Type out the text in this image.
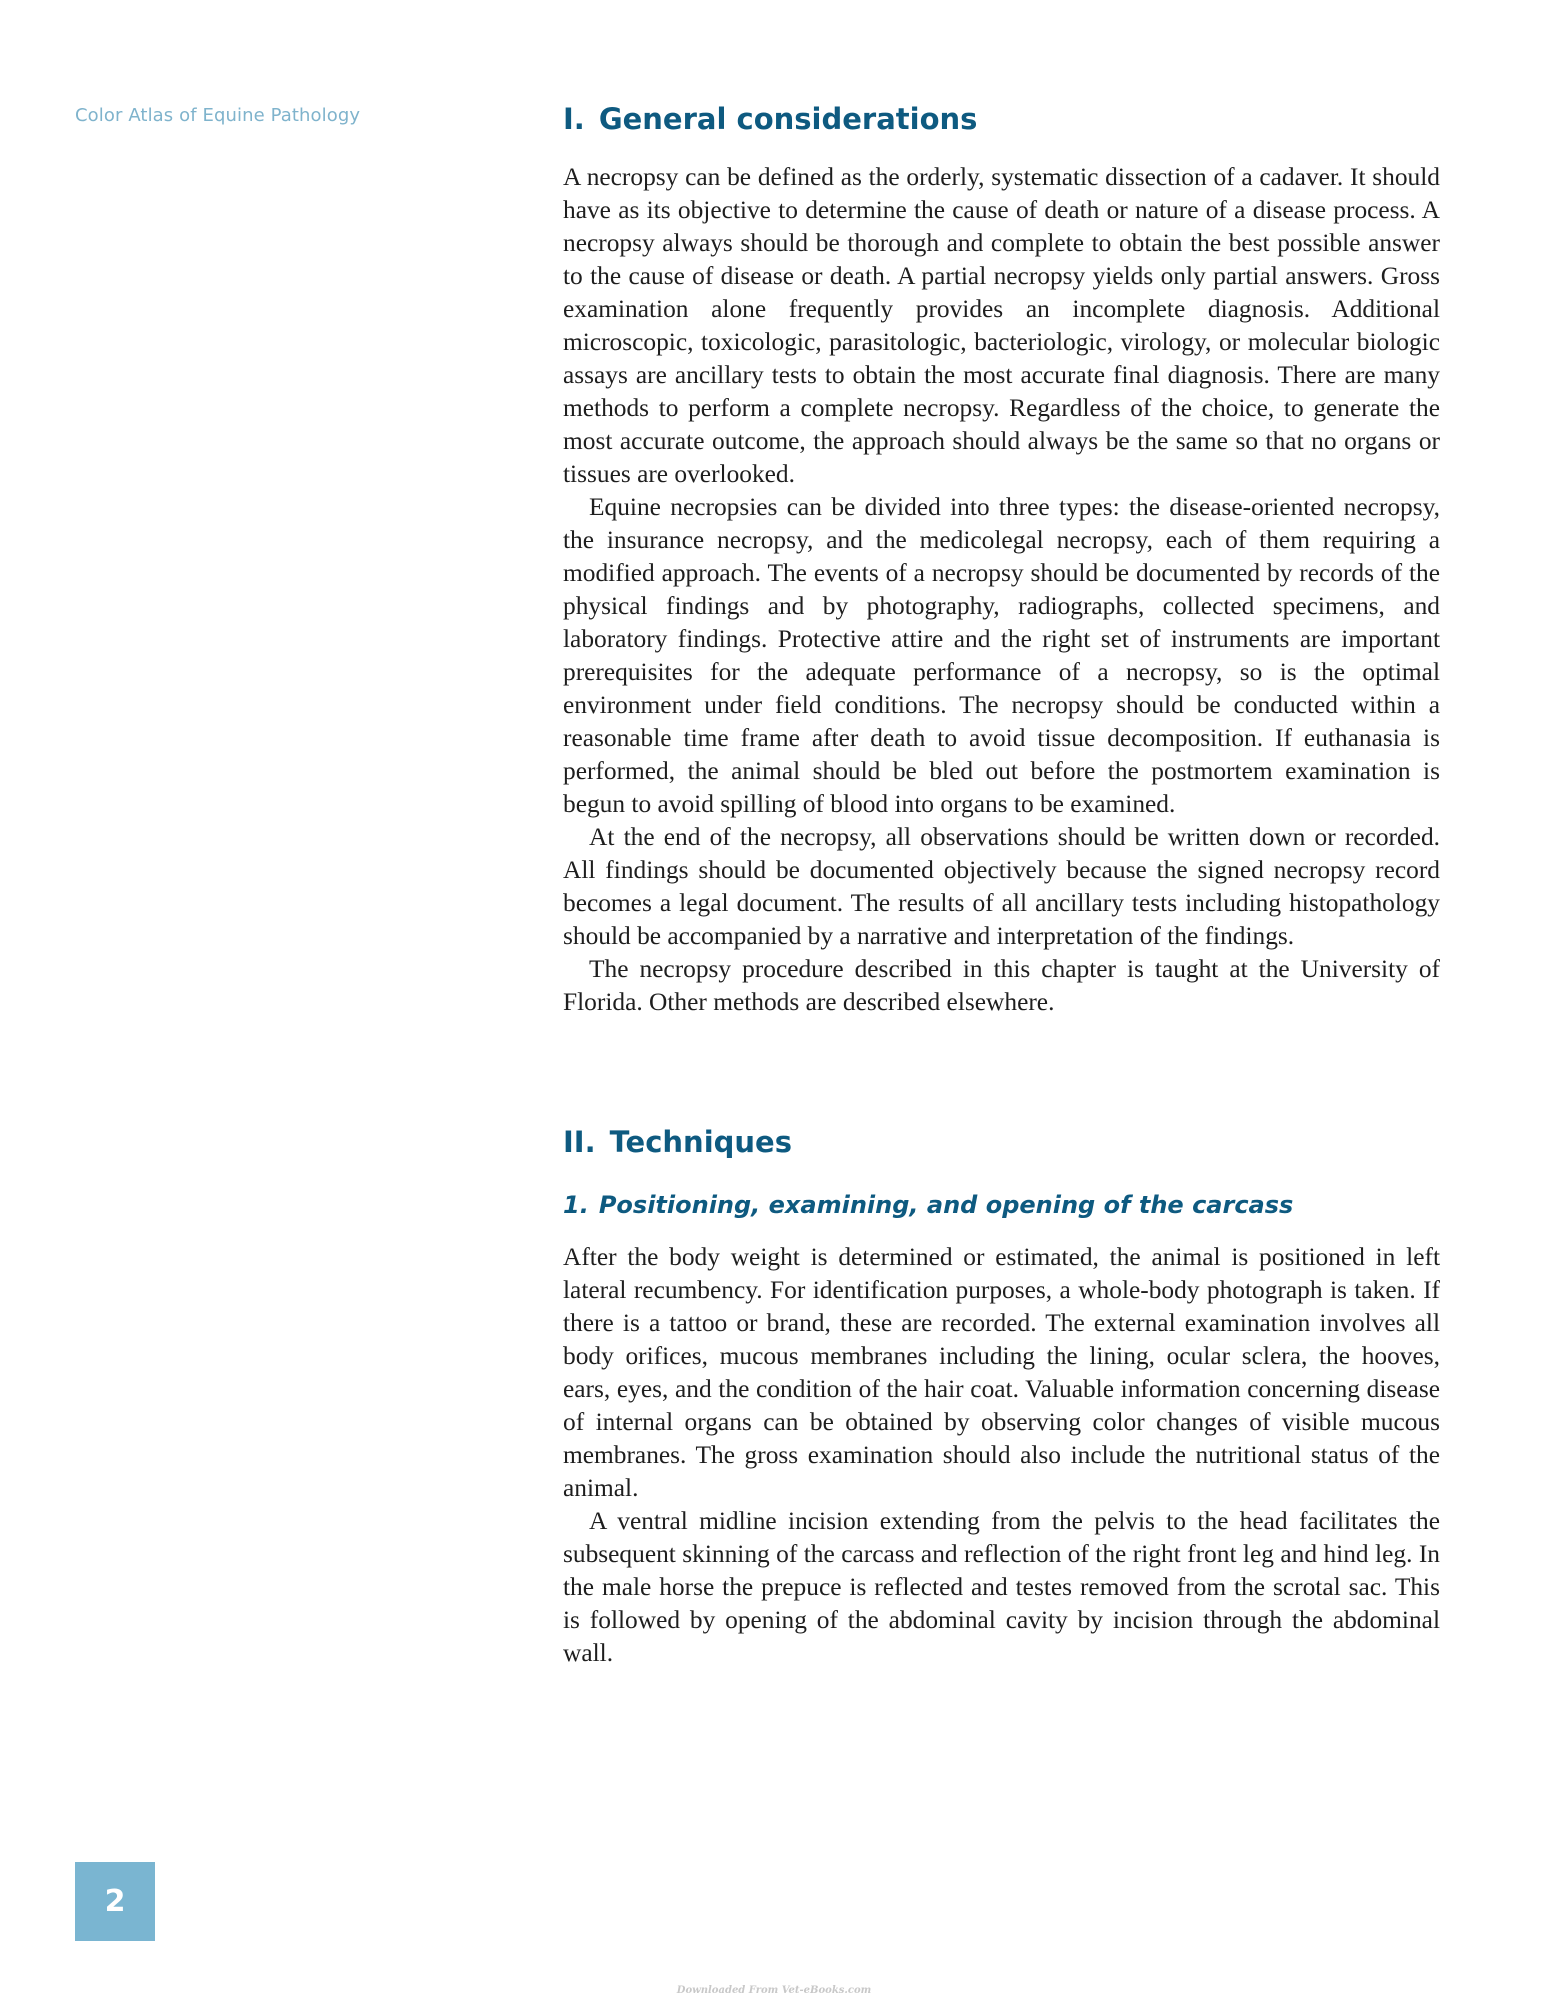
Color Atlas of Equine Pathology	I. General considerations

A necropsy can be defined as the orderly, systematic dissection of a cadaver. It should have as its objective to determine the cause of death or nature of a disease process. A necropsy always should be thorough and complete to obtain the best possible answer to the cause of disease or death. A partial necropsy yields only partial answers. Gross examination alone frequently provides an incomplete diagnosis. Additional microscopic, toxicologic, parasitologic, bacteriologic, virology, or molecular biologic assays are ancillary tests to obtain the most accurate final diagnosis. There are many methods to perform a complete necropsy. Regardless of the choice, to generate the most accurate outcome, the approach should always be the same so that no organs or tissues are overlooked.

Equine necropsies can be divided into three types: the disease-oriented necropsy, the insurance necropsy, and the medicolegal necropsy, each of them requiring a modified approach. The events of a necropsy should be documented by records of the physical findings and by photography, radiographs, collected specimens, and laboratory findings. Protective attire and the right set of instruments are important prerequisites for the adequate performance of a necropsy, so is the optimal environment under field conditions. The necropsy should be conducted within a reasonable time frame after death to avoid tissue decomposition. If euthanasia is performed, the animal should be bled out before the postmortem examination is begun to avoid spilling of blood into organs to be examined.

At the end of the necropsy, all observations should be written down or recorded. All findings should be documented objectively because the signed necropsy record becomes a legal document. The results of all ancillary tests including histopathology should be accompanied by a narrative and interpretation of the findings.

The necropsy procedure described in this chapter is taught at the University of Florida. Other methods are described elsewhere.

II. Techniques
1. Positioning, examining, and opening of the carcass

After the body weight is determined or estimated, the animal is positioned in left lateral recumbency. For identification purposes, a whole-body photograph is taken. If there is a tattoo or brand, these are recorded. The external examination involves all body orifices, mucous membranes including the lining, ocular sclera, the hooves, ears, eyes, and the condition of the hair coat. Valuable information concerning disease of internal organs can be obtained by observing color changes of visible mucous membranes. The gross examination should also include the nutritional status of the animal.

A ventral midline incision extending from the pelvis to the head facilitates the subsequent skinning of the carcass and reflection of the right front leg and hind leg. In the male horse the prepuce is reflected and testes removed from the scrotal sac. This is followed by opening of the abdominal cavity by incision through the abdominal wall.

2
Downloaded From Vet-eBooks.com
